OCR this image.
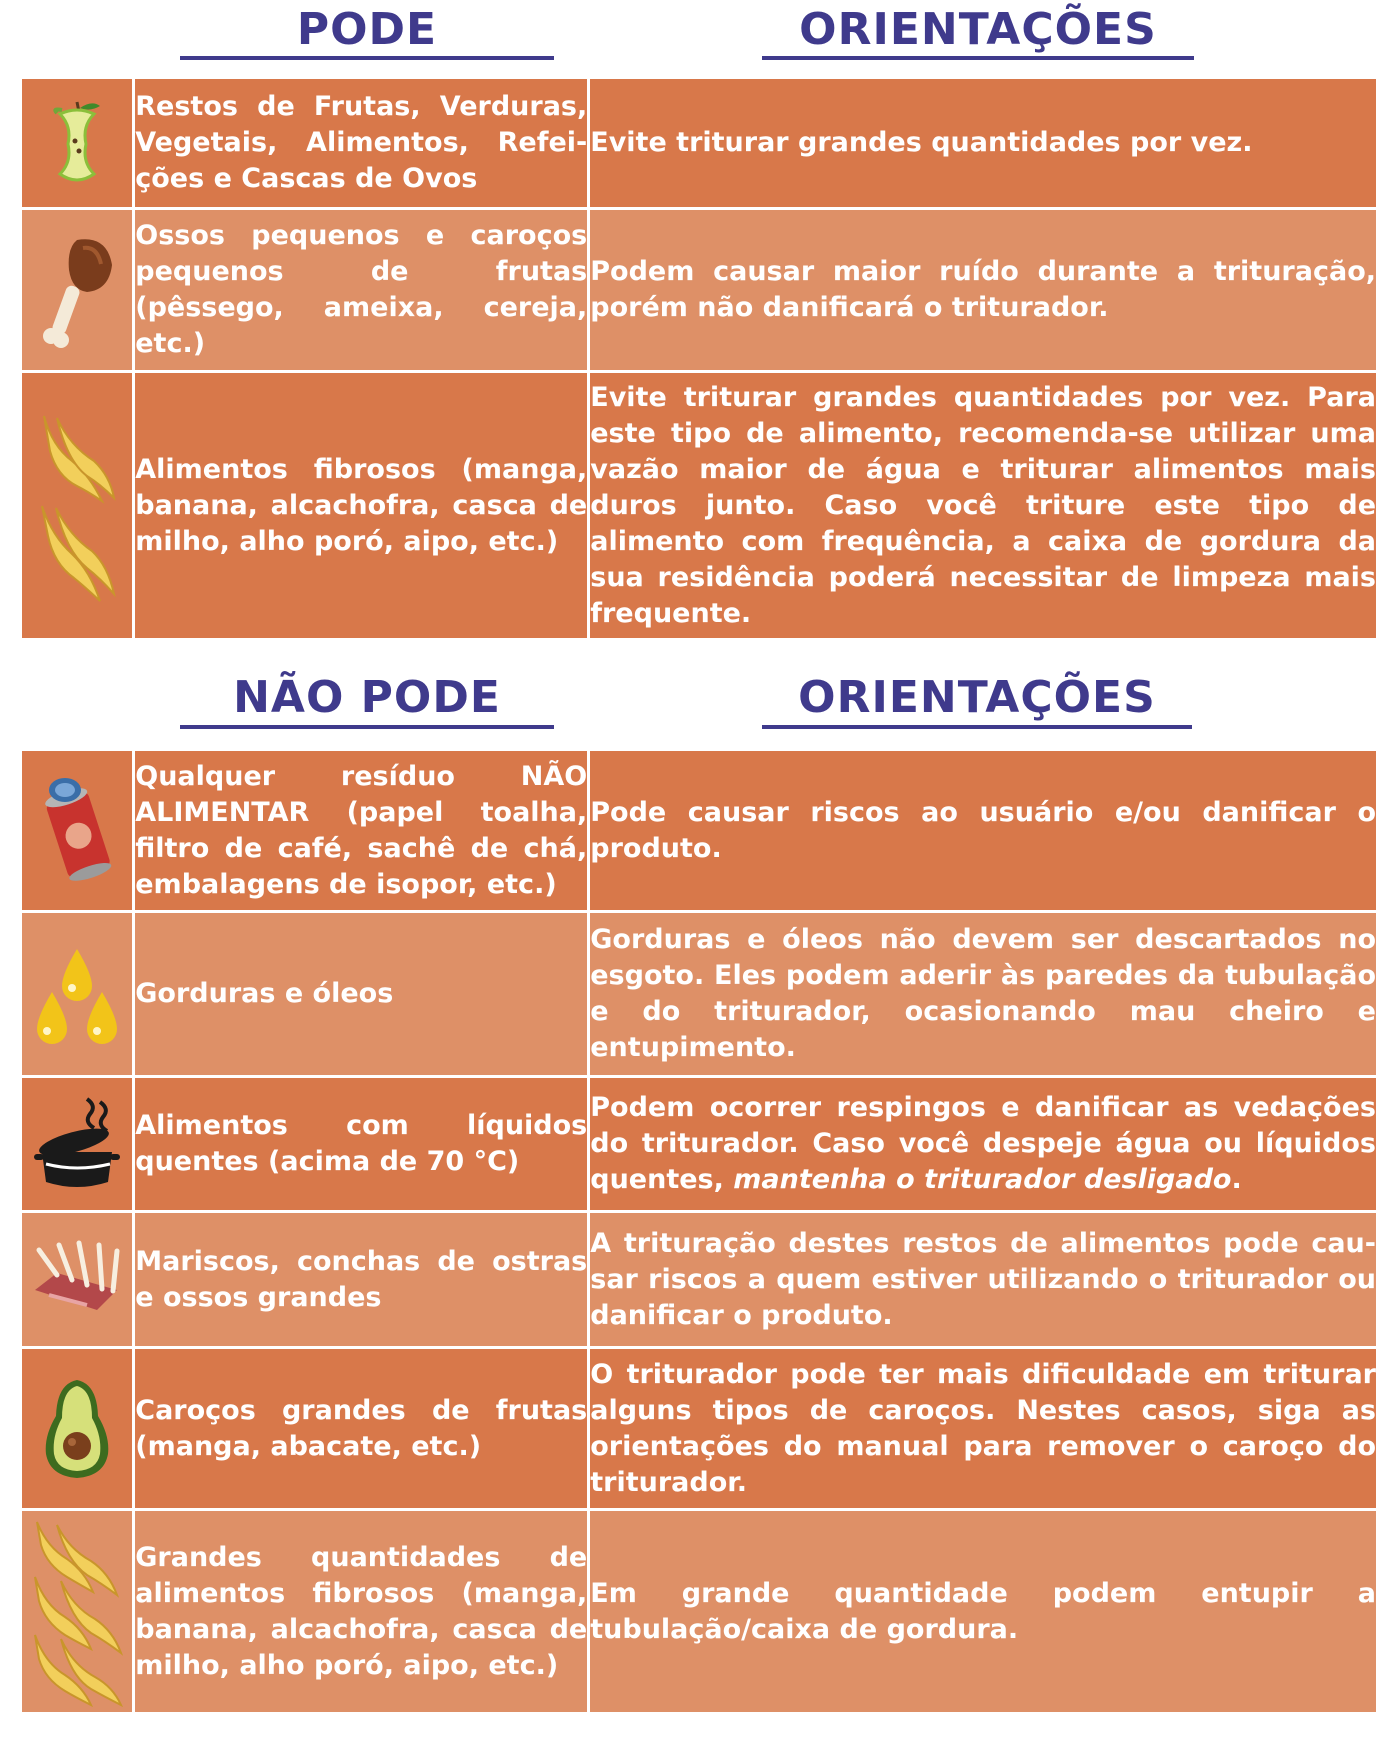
PODE	ORIENTAÇÕES
	Restos de Frutas, Verduras, Vegetais, Alimentos, Refei-ções e Cascas de Ovos	Evite triturar grandes quantidades por vez.

	Ossos pequenos e caroços pequenos de frutas (pêssego, ameixa, cereja, etc.)	Podem causar maior ruído durante a trituração, porém não danificará o triturador.

	Alimentos fibrosos (manga, banana, alcachofra, casca de milho, alho poró, aipo, etc.)	Evite triturar grandes quantidades por vez. Para este tipo de alimento, recomenda-se utilizar uma vazão maior de água e triturar alimentos mais duros junto. Caso você triture este tipo de alimento com frequência, a caixa de gordura da sua residência poderá necessitar de limpeza mais frequente.
NÃO PODE	ORIENTAÇÕES
	Qualquer resíduo NÃO ALIMENTAR (papel toalha, filtro de café, sachê de chá, embalagens de isopor, etc.)	Pode causar riscos ao usuário e/ou danificar o produto.

	Gorduras e óleos	Gorduras e óleos não devem ser descartados no esgoto. Eles podem aderir às paredes da tubulação e do triturador, ocasionando mau cheiro e entupimento.

	Alimentos com líquidos quentes (acima de 70 °C)	Podem ocorrer respingos e danificar as vedações do triturador. Caso você despeje água ou líquidos quentes, mantenha o triturador desligado.

	Mariscos, conchas de ostras e ossos grandes	A trituração destes restos de alimentos pode cau-sar riscos a quem estiver utilizando o triturador ou danificar o produto.

	Caroços grandes de frutas (manga, abacate, etc.)	O triturador pode ter mais dificuldade em triturar alguns tipos de caroços. Nestes casos, siga as orientações do manual para remover o caroço do triturador.

	Grandes quantidades de alimentos fibrosos (manga, banana, alcachofra, casca de milho, alho poró, aipo, etc.)	Em grande quantidade podem entupir a tubulação/caixa de gordura.
